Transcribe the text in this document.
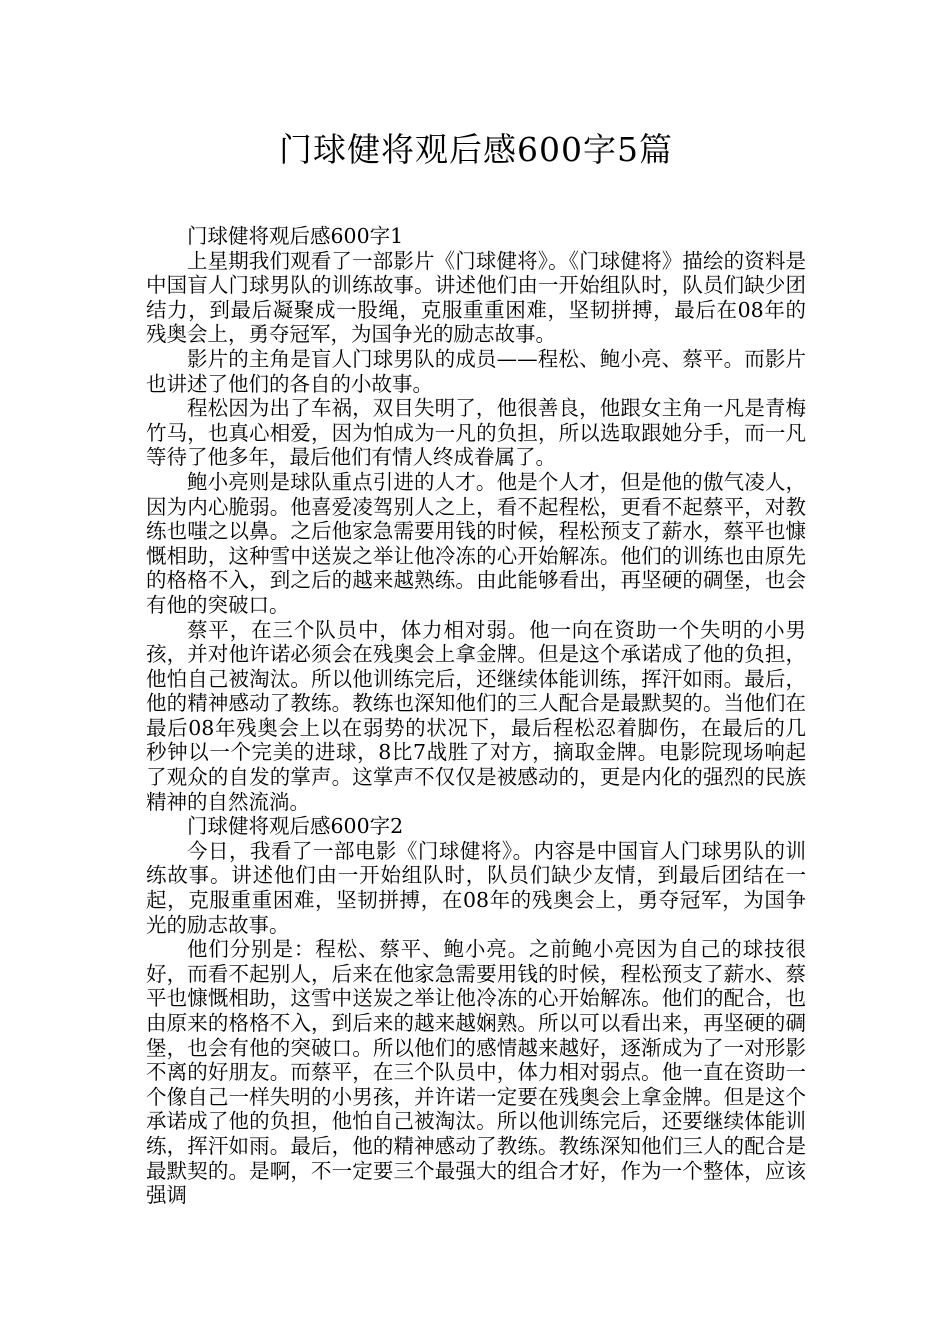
门球健将观后感600字5篇

门球健将观后感600字1

上星期我们观看了一部影片《门球健将》。《门球健将》描绘的资料是中国盲人门球男队的训练故事。讲述他们由一开始组队时，队员们缺少团结力，到最后凝聚成一股绳，克服重重困难，坚韧拼搏，最后在08年的残奥会上，勇夺冠军，为国争光的励志故事。

影片的主角是盲人门球男队的成员——程松、鲍小亮、蔡平。而影片也讲述了他们的各自的小故事。

程松因为出了车祸，双目失明了，他很善良，他跟女主角一凡是青梅竹马，也真心相爱，因为怕成为一凡的负担，所以选取跟她分手，而一凡等待了他多年，最后他们有情人终成眷属了。

鲍小亮则是球队重点引进的人才。他是个人才，但是他的傲气凌人，因为内心脆弱。他喜爱凌驾别人之上，看不起程松，更看不起蔡平，对教练也嗤之以鼻。之后他家急需要用钱的时候，程松预支了薪水，蔡平也慷慨相助，这种雪中送炭之举让他冷冻的心开始解冻。他们的训练也由原先的格格不入，到之后的越来越熟练。由此能够看出，再坚硬的碉堡，也会有他的突破口。

蔡平，在三个队员中，体力相对弱。他一向在资助一个失明的小男孩，并对他许诺必须会在残奥会上拿金牌。但是这个承诺成了他的负担，他怕自己被淘汰。所以他训练完后，还继续体能训练，挥汗如雨。最后，他的精神感动了教练。教练也深知他们的三人配合是最默契的。当他们在最后08年残奥会上以在弱势的状况下，最后程松忍着脚伤，在最后的几秒钟以一个完美的进球，8比7战胜了对方，摘取金牌。电影院现场响起了观众的自发的掌声。这掌声不仅仅是被感动的，更是内化的强烈的民族精神的自然流淌。

门球健将观后感600字2

今日，我看了一部电影《门球健将》。内容是中国盲人门球男队的训练故事。讲述他们由一开始组队时，队员们缺少友情，到最后团结在一起，克服重重困难，坚韧拼搏，在08年的残奥会上，勇夺冠军，为国争光的励志故事。

他们分别是：程松、蔡平、鲍小亮。之前鲍小亮因为自己的球技很好，而看不起别人，后来在他家急需要用钱的时候，程松预支了薪水、蔡平也慷慨相助，这雪中送炭之举让他冷冻的心开始解冻。他们的配合，也由原来的格格不入，到后来的越来越娴熟。所以可以看出来，再坚硬的碉堡，也会有他的突破口。所以他们的感情越来越好，逐渐成为了一对形影不离的好朋友。而蔡平，在三个队员中，体力相对弱点。他一直在资助一个像自己一样失明的小男孩，并许诺一定要在残奥会上拿金牌。但是这个承诺成了他的负担，他怕自己被淘汰。所以他训练完后，还要继续体能训练，挥汗如雨。最后，他的精神感动了教练。教练深知他们三人的配合是最默契的。是啊，不一定要三个最强大的组合才好，作为一个整体，应该强调
